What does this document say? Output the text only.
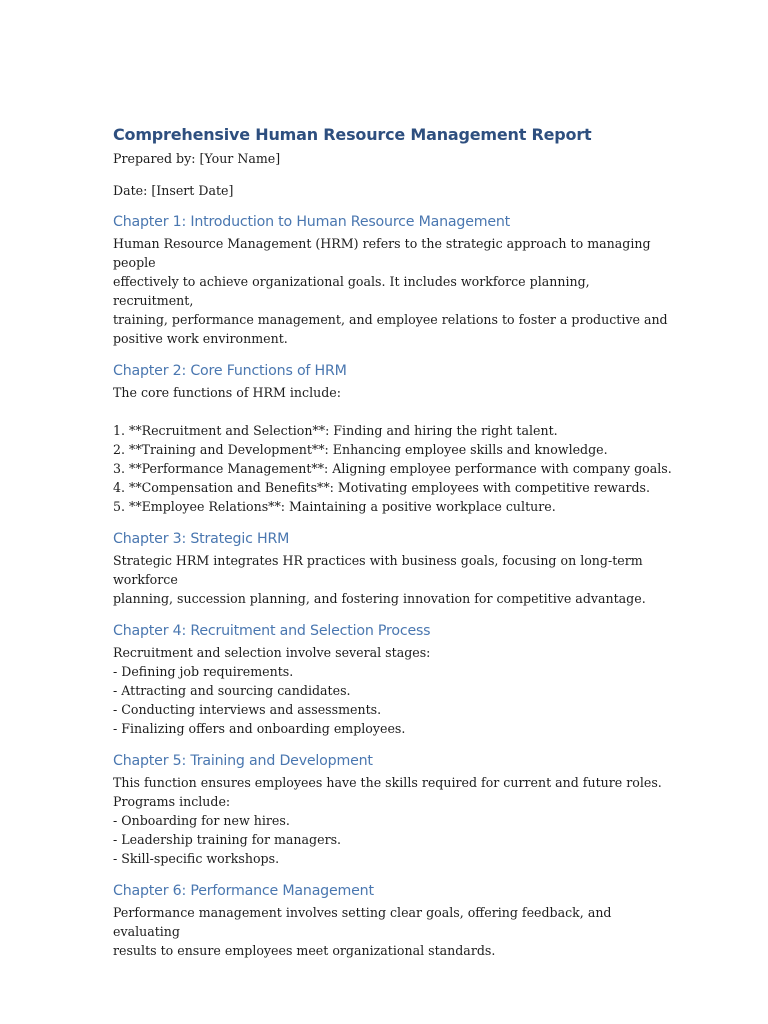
Comprehensive Human Resource Management Report

Prepared by: [Your Name]

Date: [Insert Date]

Chapter 1: Introduction to Human Resource Management

Human Resource Management (HRM) refers to the strategic approach to managing people

effectively to achieve organizational goals. It includes workforce planning, recruitment,

training, performance management, and employee relations to foster a productive and

positive work environment.

Chapter 2: Core Functions of HRM

The core functions of HRM include:

1. **Recruitment and Selection**: Finding and hiring the right talent.
2. **Training and Development**: Enhancing employee skills and knowledge.
3. **Performance Management**: Aligning employee performance with company goals.
4. **Compensation and Benefits**: Motivating employees with competitive rewards.
5. **Employee Relations**: Maintaining a positive workplace culture.
Chapter 3: Strategic HRM

Strategic HRM integrates HR practices with business goals, focusing on long-term workforce

planning, succession planning, and fostering innovation for competitive advantage.

Chapter 4: Recruitment and Selection Process

Recruitment and selection involve several stages:

- Defining job requirements.
- Attracting and sourcing candidates.
- Conducting interviews and assessments.
- Finalizing offers and onboarding employees.
Chapter 5: Training and Development

This function ensures employees have the skills required for current and future roles.

Programs include:

- Onboarding for new hires.
- Leadership training for managers.
- Skill-specific workshops.
Chapter 6: Performance Management

Performance management involves setting clear goals, offering feedback, and evaluating

results to ensure employees meet organizational standards.
